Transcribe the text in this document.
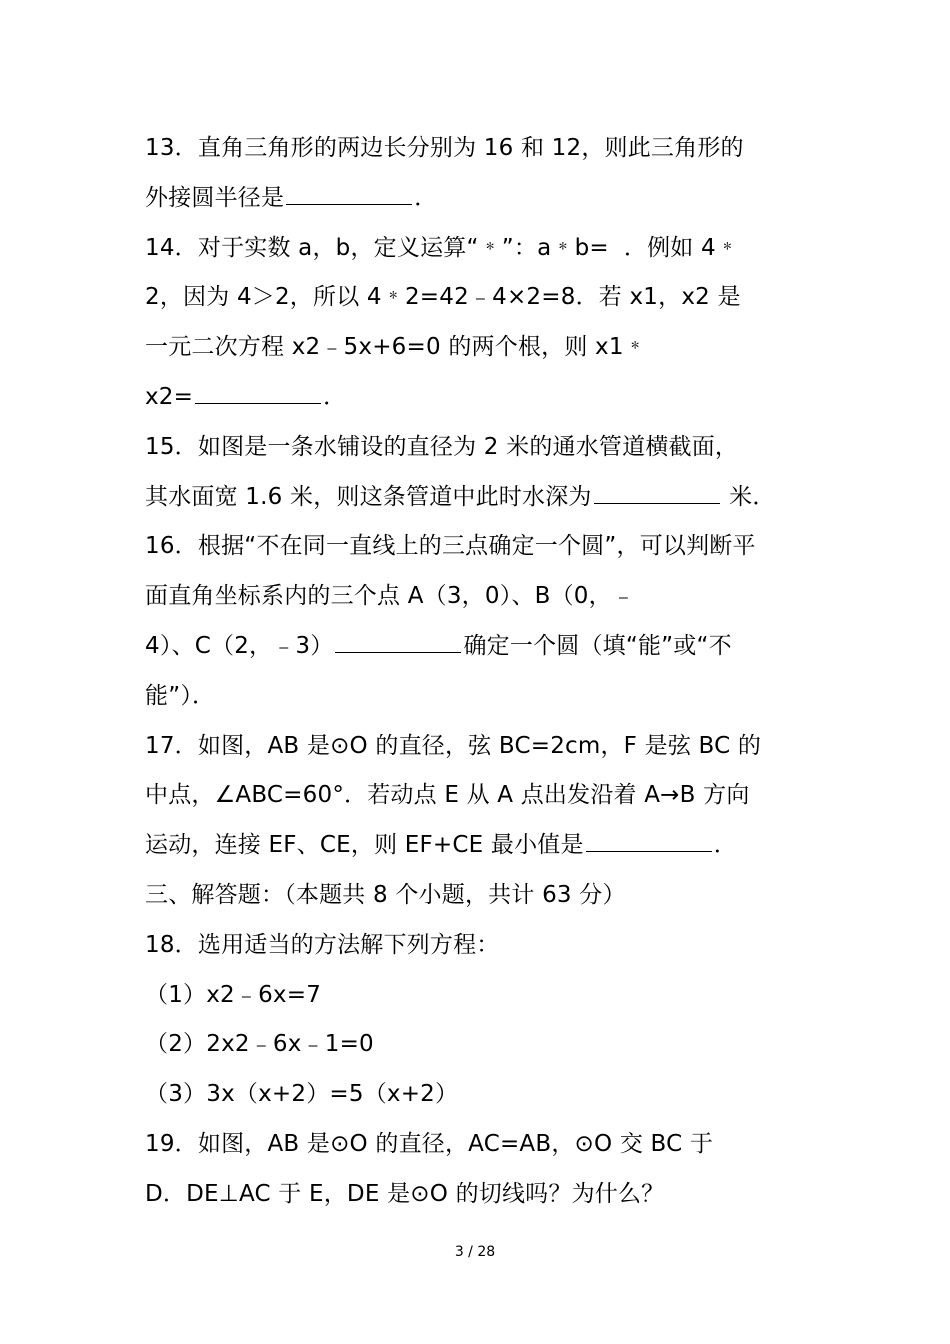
13．直角三角形的两边长分别为 16 和 12，则此三角形的
外接圆半径是	．
14．对于实数 a，b，定义运算“﹡”：a﹡b=  ．例如 4﹡
2，因为 4＞2，所以 4﹡2=42﹣4×2=8．若 x1，x2 是
一元二次方程 x2﹣5x+6=0 的两个根，则 x1﹡
x2=	．
15．如图是一条水铺设的直径为 2 米的通水管道横截面，
其水面宽 1.6 米，则这条管道中此时水深为	米．
16．根据“不在同一直线上的三点确定一个圆”，可以判断平
面直角坐标系内的三个点 A（3，0）、B（0，﹣
4）、C（2，﹣3）	确定一个圆（填“能”或“不
能”）．
17．如图，AB 是⊙O 的直径，弦 BC=2cm，F 是弦 BC 的
中点，∠ABC=60°．若动点 E 从 A 点出发沿着 A→B 方向
运动，连接 EF、CE，则 EF+CE 最小值是	．
三、解答题：（本题共 8 个小题，共计 63 分）
18．选用适当的方法解下列方程：
（1）x2﹣6x=7
（2）2x2﹣6x﹣1=0
（3）3x（x+2）=5（x+2）
19．如图，AB 是⊙O 的直径，AC=AB，⊙O 交 BC 于
D．DE⊥AC 于 E，DE 是⊙O 的切线吗？为什么？
3 / 28
